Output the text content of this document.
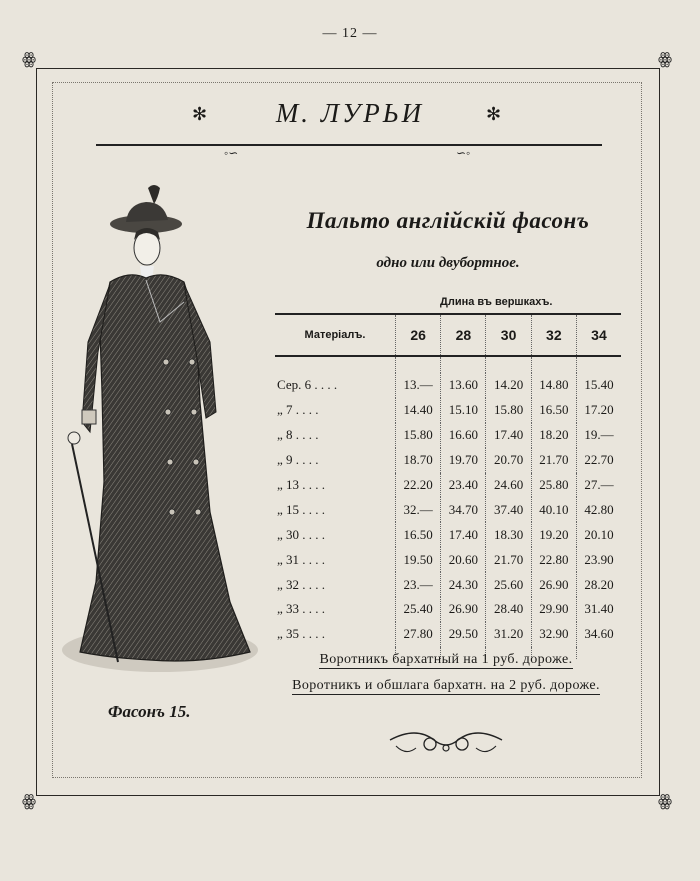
— 12 —
ꙮ	ꙮ
ꙮ	ꙮ
М. ЛУРЬИ
✻	✻
◦∽	∽◦
Пальто англiйскiй фасонъ
одно или двубортное.
Длина въ вершкахъ.
Матерiалъ.	26	28	30	32	34

Сер. 6 . . . .	13.—	13.60	14.20	14.80	15.40
„ 7 . . . .	14.40	15.10	15.80	16.50	17.20
„ 8 . . . .	15.80	16.60	17.40	18.20	19.—
„ 9 . . . .	18.70	19.70	20.70	21.70	22.70
„ 13 . . . .	22.20	23.40	24.60	25.80	27.—
„ 15 . . . .	32.—	34.70	37.40	40.10	42.80
„ 30 . . . .	16.50	17.40	18.30	19.20	20.10
„ 31 . . . .	19.50	20.60	21.70	22.80	23.90
„ 32 . . . .	23.—	24.30	25.60	26.90	28.20
„ 33 . . . .	25.40	26.90	28.40	29.90	31.40
„ 35 . . . .	27.80	29.50	31.20	32.90	34.60

Воротникъ бархатный на 1 руб. дороже.
Воротникъ и обшлага бархатн. на 2 руб. дороже.
Фасонъ 15.
